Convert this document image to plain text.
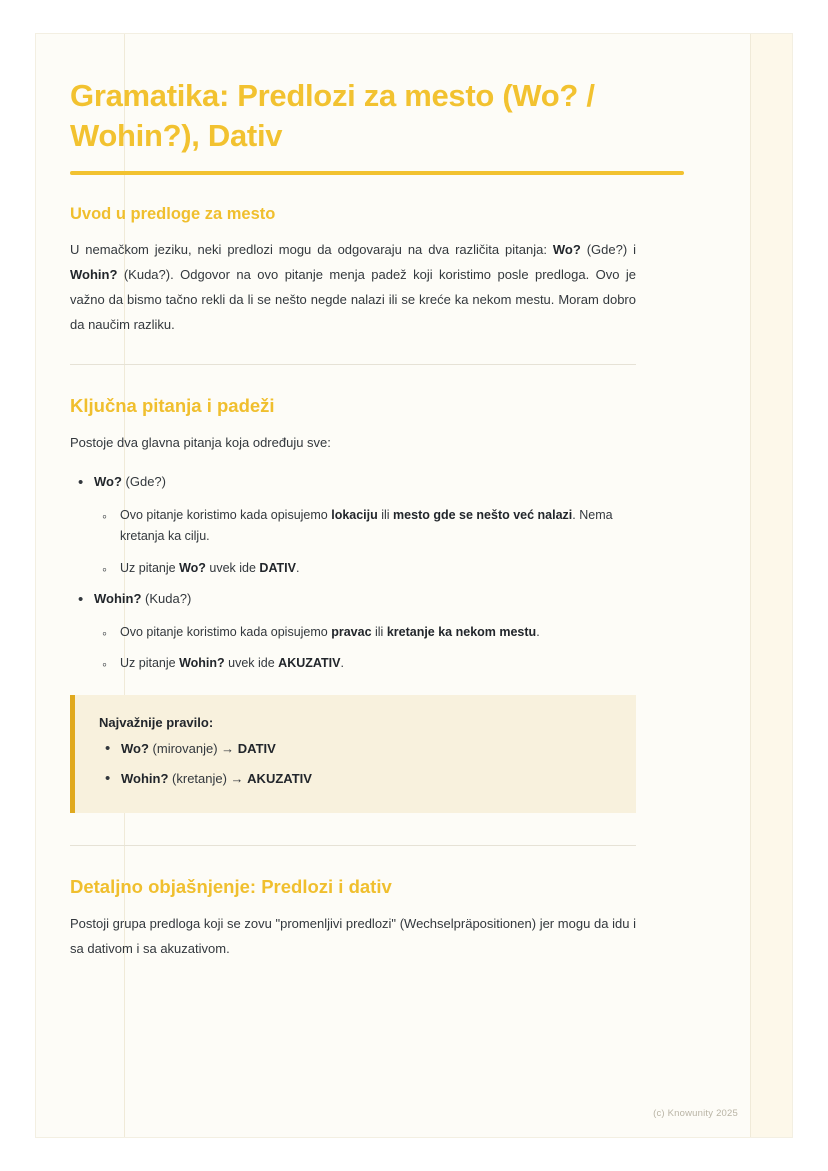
Gramatika: Predlozi za mesto (Wo? / Wohin?), Dativ
Uvod u predloge za mesto

U nemačkom jeziku, neki predlozi mogu da odgovaraju na dva različita pitanja: Wo? (Gde?) i Wohin? (Kuda?). Odgovor na ovo pitanje menja padež koji koristimo posle predloga. Ovo je važno da bismo tačno rekli da li se nešto negde nalazi ili se kreće ka nekom mestu. Moram dobro da naučim razliku.

Ključna pitanja i padeži

Postoje dva glavna pitanja koja određuju sve:

• Wo? (Gde?)
◦ Ovo pitanje koristimo kada opisujemo lokaciju ili mesto gde se nešto već nalazi. Nema kretanja ka cilju.
◦ Uz pitanje Wo? uvek ide DATIV.
• Wohin? (Kuda?)
◦ Ovo pitanje koristimo kada opisujemo pravac ili kretanje ka nekom mestu.
◦ Uz pitanje Wohin? uvek ide AKUZATIV.
Najvažnije pravilo:
• Wo? (mirovanje) → DATIV
• Wohin? (kretanje) → AKUZATIV
Detaljno objašnjenje: Predlozi i dativ

Postoji grupa predloga koji se zovu "promenljivi predlozi" (Wechselpräpositionen) jer mogu da idu i sa dativom i sa akuzativom.

(c) Knowunity 2025
